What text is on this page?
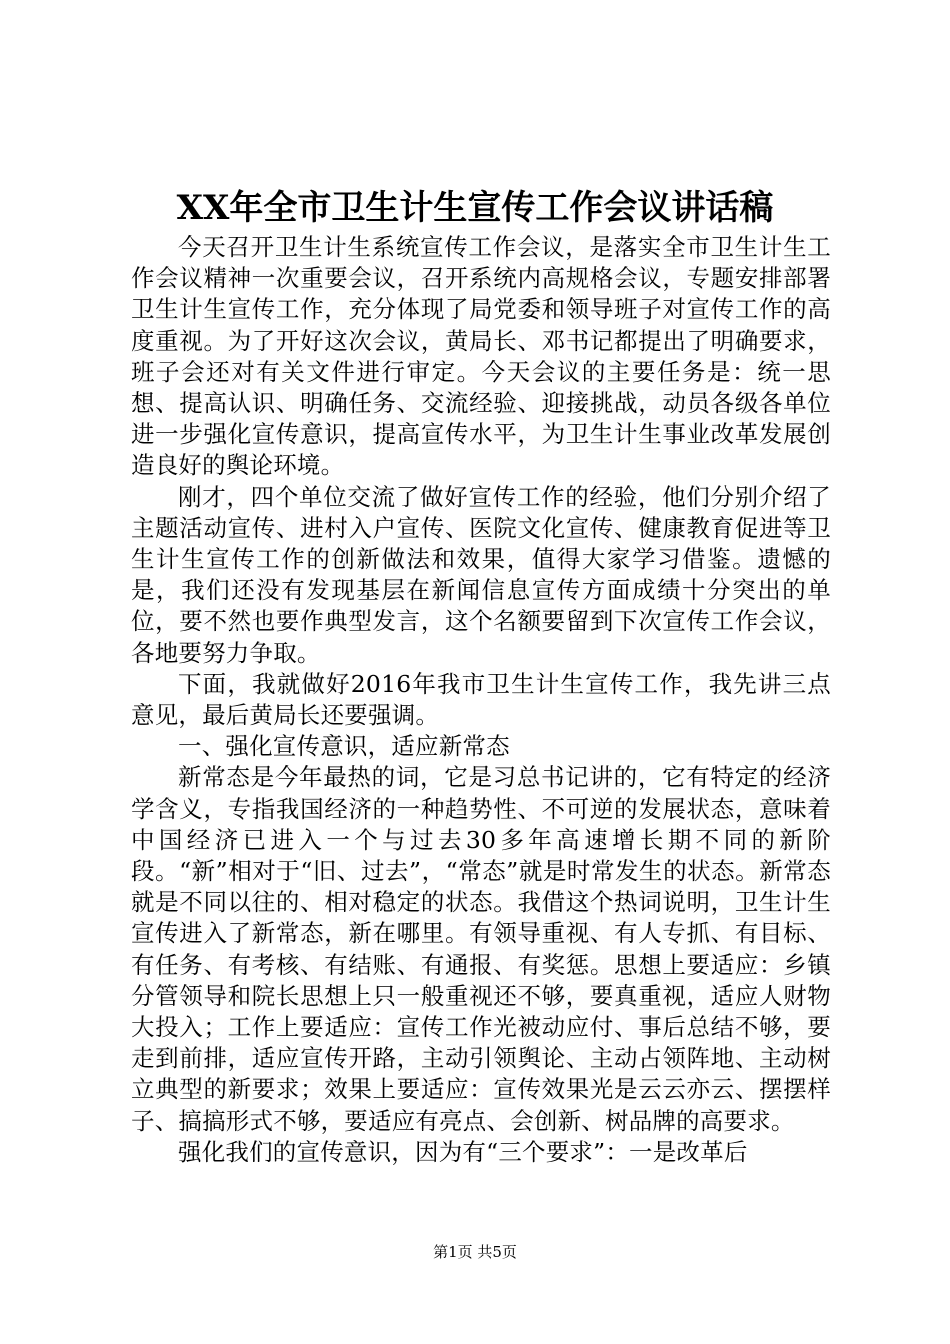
XX年全市卫生计生宣传工作会议讲话稿

今天召开卫生计生系统宣传工作会议，是落实全市卫生计生工作会议精神一次重要会议，召开系统内高规格会议，专题安排部署卫生计生宣传工作，充分体现了局党委和领导班子对宣传工作的高度重视。为了开好这次会议，黄局长、邓书记都提出了明确要求，班子会还对有关文件进行审定。今天会议的主要任务是：统一思想、提高认识、明确任务、交流经验、迎接挑战，动员各级各单位进一步强化宣传意识，提高宣传水平，为卫生计生事业改革发展创造良好的舆论环境。

刚才，四个单位交流了做好宣传工作的经验，他们分别介绍了主题活动宣传、进村入户宣传、医院文化宣传、健康教育促进等卫生计生宣传工作的创新做法和效果，值得大家学习借鉴。遗憾的是，我们还没有发现基层在新闻信息宣传方面成绩十分突出的单位，要不然也要作典型发言，这个名额要留到下次宣传工作会议，各地要努力争取。

下面，我就做好2016年我市卫生计生宣传工作，我先讲三点意见，最后黄局长还要强调。

一、强化宣传意识，适应新常态

新常态是今年最热的词，它是习总书记讲的，它有特定的经济学含义，专指我国经济的一种趋势性、不可逆的发展状态，意味着中国经济已进入一个与过去30多年高速增长期不同的新阶段。“新”相对于“旧、过去”，“常态”就是时常发生的状态。新常态就是不同以往的、相对稳定的状态。我借这个热词说明，卫生计生宣传进入了新常态，新在哪里。有领导重视、有人专抓、有目标、有任务、有考核、有结账、有通报、有奖惩。思想上要适应：乡镇分管领导和院长思想上只一般重视还不够，要真重视，适应人财物大投入；工作上要适应：宣传工作光被动应付、事后总结不够，要走到前排，适应宣传开路，主动引领舆论、主动占领阵地、主动树立典型的新要求；效果上要适应：宣传效果光是云云亦云、摆摆样子、搞搞形式不够，要适应有亮点、会创新、树品牌的高要求。

强化我们的宣传意识，因为有“三个要求”：一是改革后

第1页 共5页
